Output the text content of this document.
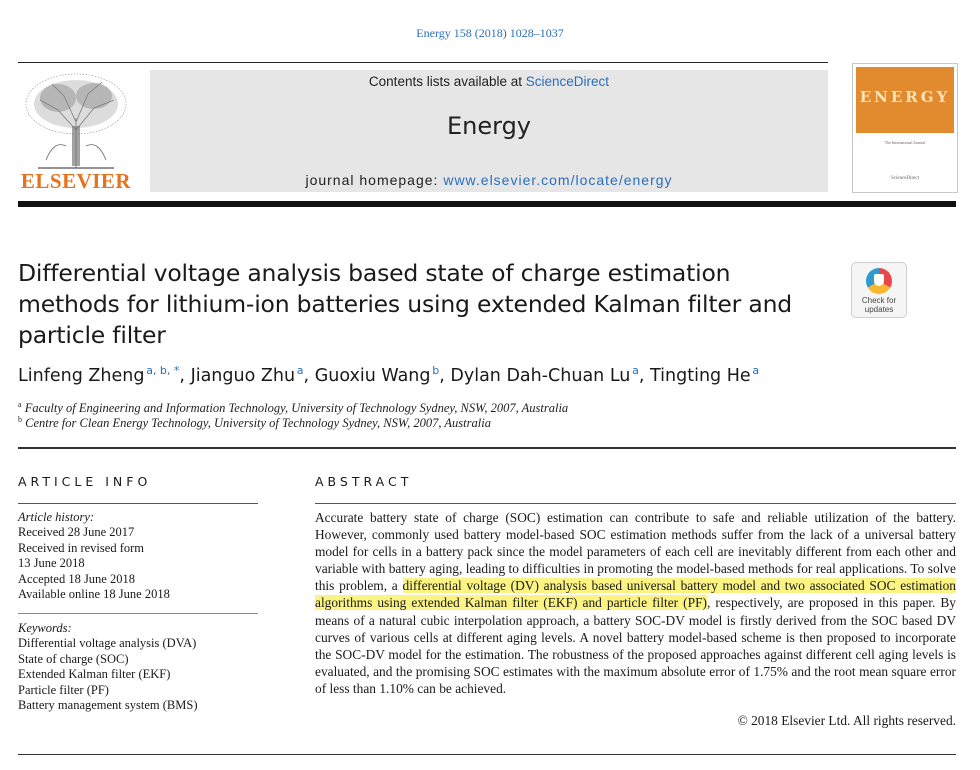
Energy 158 (2018) 1028–1037
ELSEVIER
Contents lists available at ScienceDirect
Energy
journal homepage: www.elsevier.com/locate/energy
ENERGY
The International Journal
ScienceDirect
Differential voltage analysis based state of charge estimation methods for lithium-ion batteries using extended Kalman filter and particle filter
Check for
updates
Linfeng Zheng  $^{a, b, *}$, Jianguo Zhu  $^a$, Guoxiu Wang  $^b$, Dylan Dah-Chuan Lu  $^a$, Tingting He  $^a$
$^a$ Faculty of Engineering and Information Technology, University of Technology Sydney, NSW, 2007, Australia
$^b$ Centre for Clean Energy Technology, University of Technology Sydney, NSW, 2007, Australia
ARTICLE INFO	ABSTRACT
Article history:
Received 28 June 2017
Received in revised form
13 June 2018
Accepted 18 June 2018
Available online 18 June 2018
Keywords:
Differential voltage analysis (DVA)
State of charge (SOC)
Extended Kalman filter (EKF)
Particle filter (PF)
Battery management system (BMS)

Accurate battery state of charge (SOC) estimation can contribute to safe and reliable utilization of the battery. However, commonly used battery model-based SOC estimation methods suffer from the lack of a universal battery model for cells in a battery pack since the model parameters of each cell are inevitably different from each other and variable with battery aging, leading to difficulties in promoting the model-based methods for real applications. To solve this problem, a differential voltage (DV) analysis based universal battery model and two associated SOC estimation algorithms using extended Kalman filter (EKF) and particle filter (PF), respectively, are proposed in this paper. By means of a natural cubic interpolation approach, a battery SOC-DV model is firstly derived from the SOC based DV curves of various cells at different aging levels. A novel battery model-based scheme is then proposed to incorporate the SOC-DV model for the estimation. The robustness of the proposed approaches against different cell aging levels is evaluated, and the promising SOC estimates with the maximum absolute error of 1.75% and the root mean square error of less than 1.10% can be achieved.

© 2018 Elsevier Ltd. All rights reserved.
